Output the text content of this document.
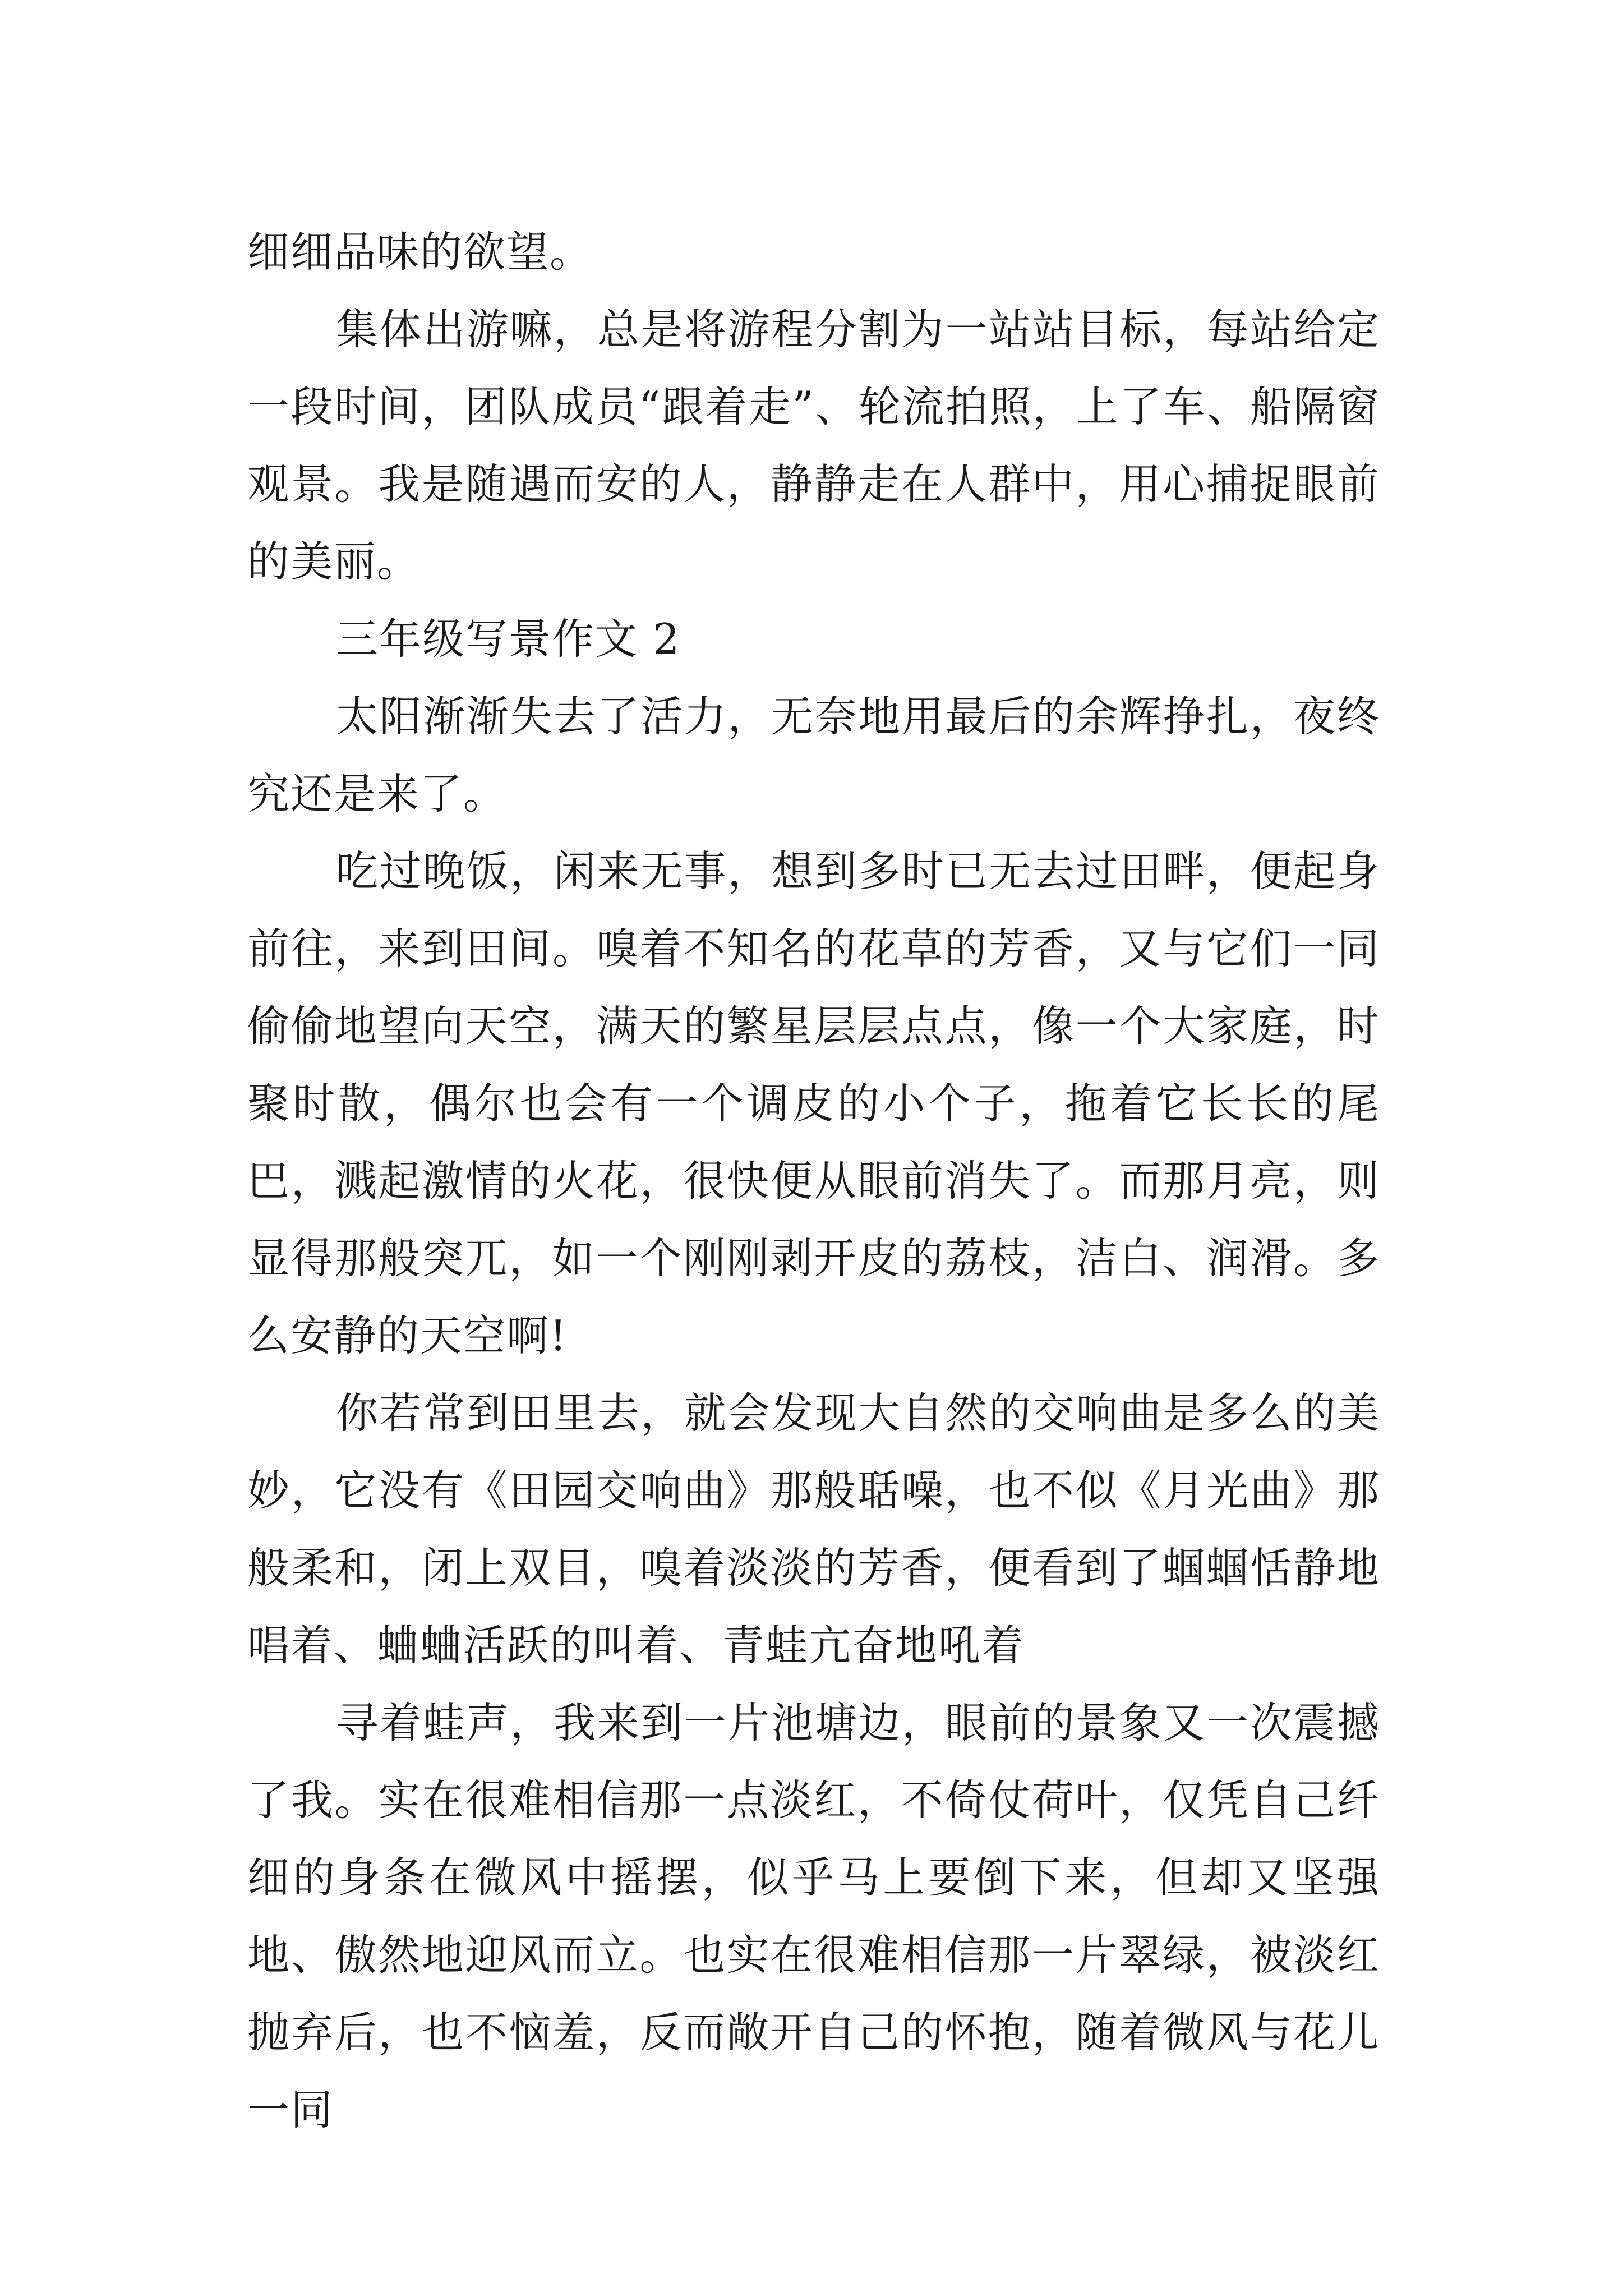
细细品味的欲望。

集体出游嘛，总是将游程分割为一站站目标，每站给定一段时间，团队成员“跟着走”、轮流拍照，上了车、船隔窗观景。我是随遇而安的人，静静走在人群中，用心捕捉眼前的美丽。

三年级写景作文 2

太阳渐渐失去了活力，无奈地用最后的余辉挣扎，夜终究还是来了。

吃过晚饭，闲来无事，想到多时已无去过田畔，便起身前往，来到田间。嗅着不知名的花草的芳香，又与它们一同偷偷地望向天空，满天的繁星层层点点，像一个大家庭，时聚时散，偶尔也会有一个调皮的小个子，拖着它长长的尾巴，溅起激情的火花，很快便从眼前消失了。而那月亮，则显得那般突兀，如一个刚刚剥开皮的荔枝，洁白、润滑。多么安静的天空啊!

你若常到田里去，就会发现大自然的交响曲是多么的美妙，它没有《田园交响曲》那般聒噪，也不似《月光曲》那般柔和，闭上双目，嗅着淡淡的芳香，便看到了蝈蝈恬静地唱着、蛐蛐活跃的叫着、青蛙亢奋地吼着

寻着蛙声，我来到一片池塘边，眼前的景象又一次震撼了我。实在很难相信那一点淡红，不倚仗荷叶，仅凭自己纤细的身条在微风中摇摆，似乎马上要倒下来，但却又坚强地、傲然地迎风而立。也实在很难相信那一片翠绿，被淡红抛弃后，也不恼羞，反而敞开自己的怀抱，随着微风与花儿一同
